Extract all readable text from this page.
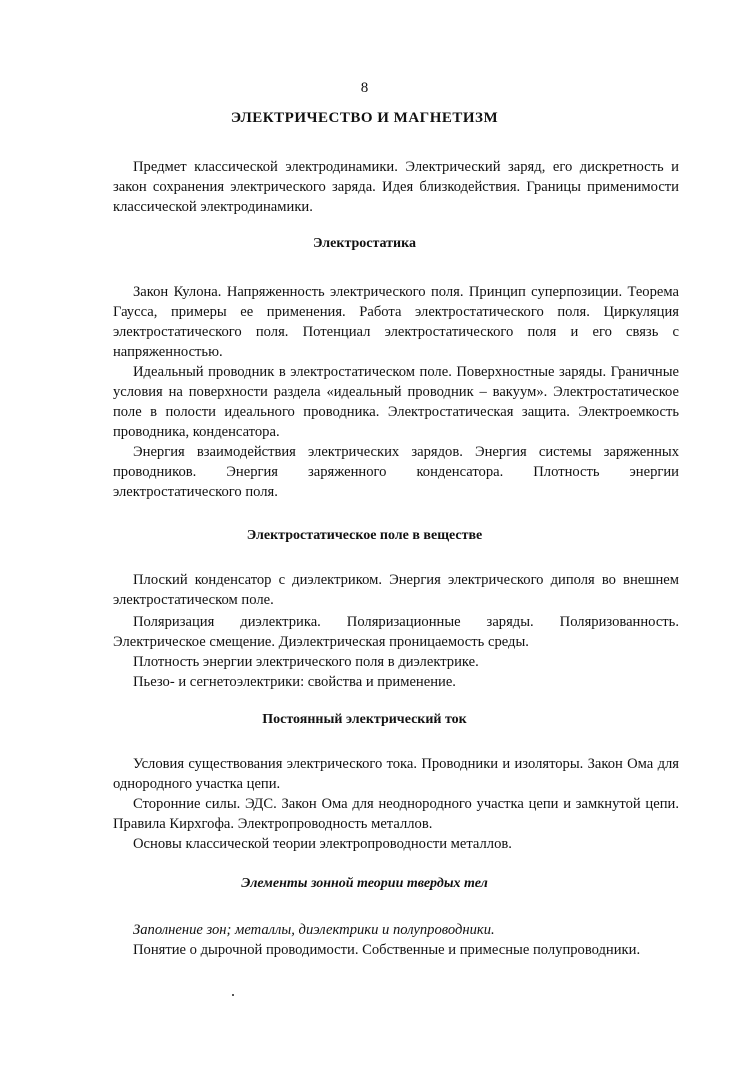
8
ЭЛЕКТРИЧЕСТВО И МАГНЕТИЗМ

Предмет классической электродинамики. Электрический заряд, его дискретность и закон сохранения электрического заряда. Идея близкодействия. Границы применимости классической электродинамики.

Электростатика

Закон Кулона. Напряженность электрического поля. Принцип суперпозиции. Теорема Гаусса, примеры ее применения. Работа электростатического поля. Циркуляция электростатического поля. Потенциал электростатического поля и его связь с напряженностью.

Идеальный проводник в электростатическом поле. Поверхностные заряды. Граничные условия на поверхности раздела «идеальный проводник – вакуум». Электростатическое поле в полости идеального проводника. Электростатическая защита. Электроемкость проводника, конденсатора.

Энергия взаимодействия электрических зарядов. Энергия системы заряженных проводников. Энергия заряженного конденсатора. Плотность энергии электростатического поля.

Электростатическое поле в веществе

Плоский конденсатор с диэлектриком. Энергия электрического диполя во внешнем электростатическом поле.

Поляризация диэлектрика. Поляризационные заряды. Поляризованность. Электрическое смещение. Диэлектрическая проницаемость среды.

Плотность энергии электрического поля в диэлектрике.

Пьезо- и сегнетоэлектрики: свойства и применение.

Постоянный электрический ток

Условия существования электрического тока. Проводники и изоляторы. Закон Ома для однородного участка цепи.

Сторонние силы. ЭДС. Закон Ома для неоднородного участка цепи и замкнутой цепи. Правила Кирхгофа. Электропроводность металлов.

Основы классической теории электропроводности металлов.

Элементы зонной теории твердых тел

Заполнение зон; металлы, диэлектрики и полупроводники.

Понятие о дырочной проводимости. Собственные и примесные полупроводники.
